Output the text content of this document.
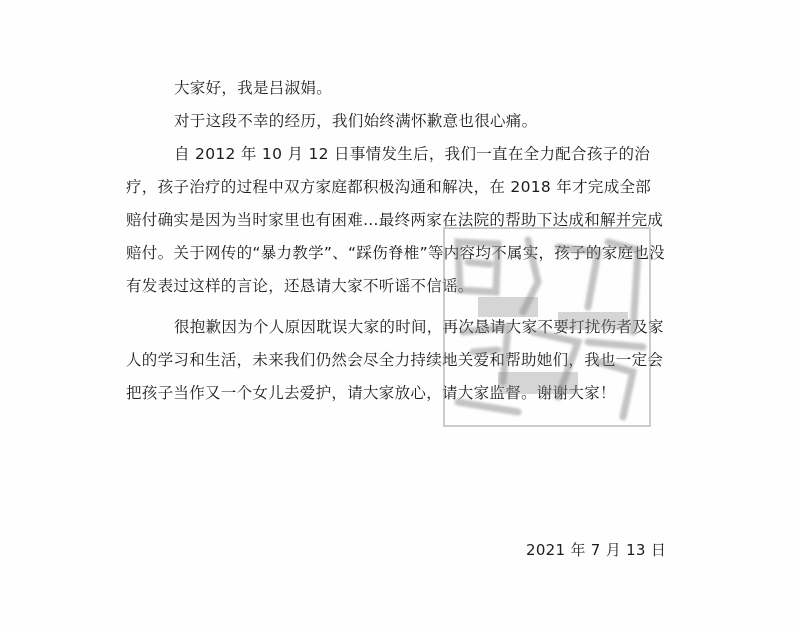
大家好，我是吕淑娟。

对于这段不幸的经历，我们始终满怀歉意也很心痛。

自 2012 年 10 月 12 日事情发生后，我们一直在全力配合孩子的治疗，孩子治疗的过程中双方家庭都积极沟通和解决，在 2018 年才完成全部赔付确实是因为当时家里也有困难…最终两家在法院的帮助下达成和解并完成赔付。关于网传的“暴力教学”、“踩伤脊椎”等内容均不属实，孩子的家庭也没有发表过这样的言论，还恳请大家不听谣不信谣。

很抱歉因为个人原因耽误大家的时间，再次恳请大家不要打扰伤者及家人的学习和生活，未来我们仍然会尽全力持续地关爱和帮助她们，我也一定会把孩子当作又一个女儿去爱护，请大家放心，请大家监督。谢谢大家！

2021 年 7 月 13 日
